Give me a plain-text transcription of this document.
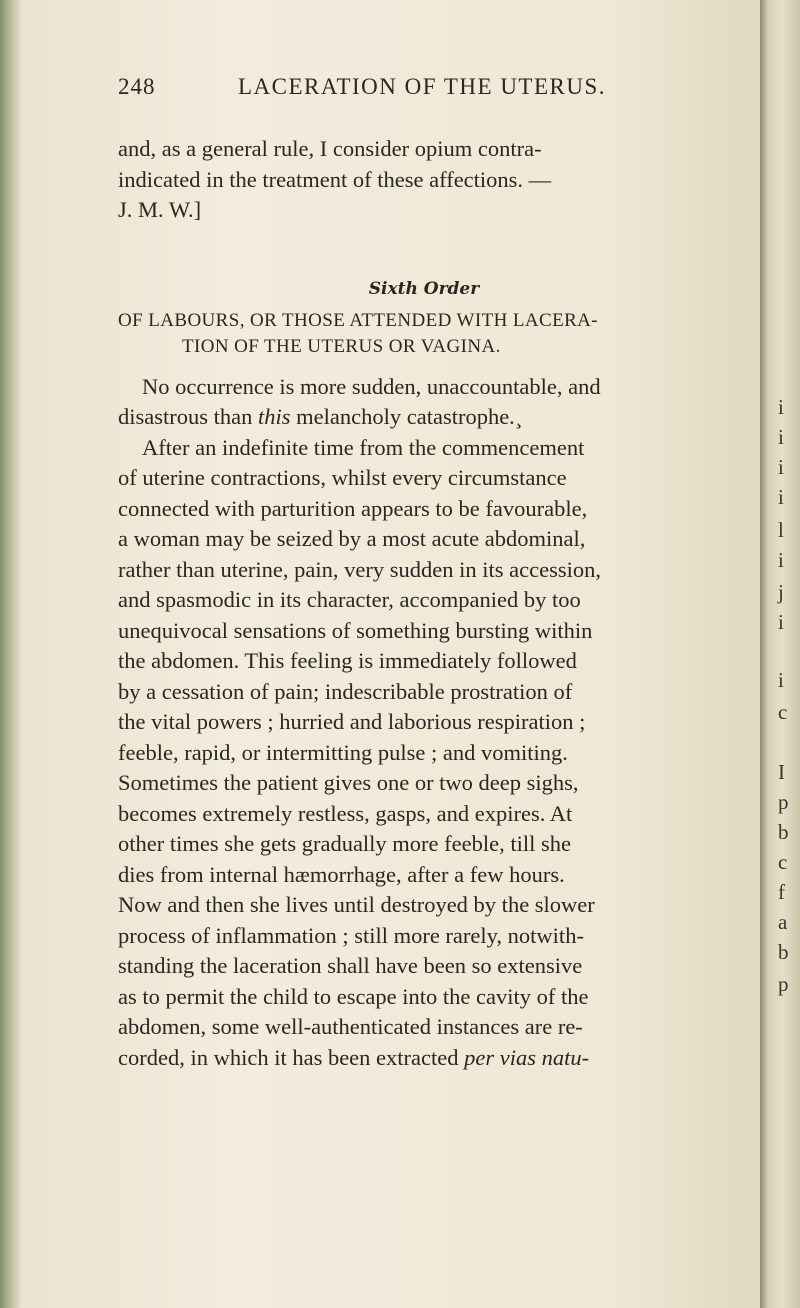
i
i
i
i
l
i
j
i
i
c
I
p
b
c
f
a
b
p
248	LACERATION OF THE UTERUS.
and, as a general rule, I consider opium contra-
indicated in the treatment of these affections. —
J. M. W.]
Sixth Order
OF LABOURS, OR THOSE ATTENDED WITH LACERA-
TION OF THE UTERUS OR VAGINA.
No occurrence is more sudden, unaccountable, and
disastrous than this melancholy catastrophe.¸
After an indefinite time from the commencement
of uterine contractions, whilst every circumstance
connected with parturition appears to be favourable,
a woman may be seized by a most acute abdominal,
rather than uterine, pain, very sudden in its accession,
and spasmodic in its character, accompanied by too
unequivocal sensations of something bursting within
the abdomen. This feeling is immediately followed
by a cessation of pain; indescribable prostration of
the vital powers ; hurried and laborious respiration ;
feeble, rapid, or intermitting pulse ; and vomiting.
Sometimes the patient gives one or two deep sighs,
becomes extremely restless, gasps, and expires. At
other times she gets gradually more feeble, till she
dies from internal hæmorrhage, after a few hours.
Now and then she lives until destroyed by the slower
process of inflammation ; still more rarely, notwith-
standing the laceration shall have been so extensive
as to permit the child to escape into the cavity of the
abdomen, some well-authenticated instances are re-
corded, in which it has been extracted per vias natu-
